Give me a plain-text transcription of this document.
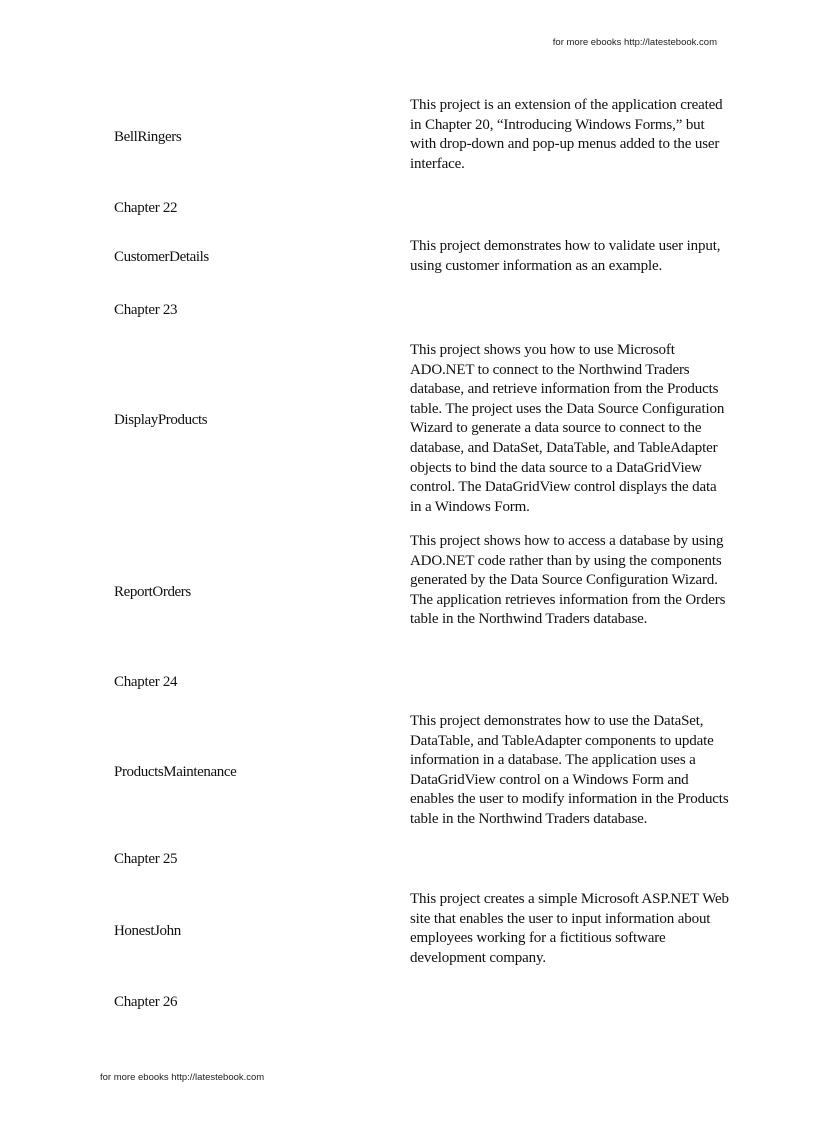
for more ebooks http://latestebook.com
BellRingers
This project is an extension of the application created in Chapter 20, “Introducing Windows Forms,” but with drop-down and pop-up menus added to the user interface.
Chapter 22
CustomerDetails
This project demonstrates how to validate user input, using customer information as an example.
Chapter 23
DisplayProducts
This project shows you how to use Microsoft ADO.NET to connect to the Northwind Traders database, and retrieve information from the Products table. The project uses the Data Source Configuration Wizard to generate a data source to connect to the database, and DataSet, DataTable, and TableAdapter objects to bind the data source to a DataGridView control. The DataGridView control displays the data in a Windows Form.
ReportOrders
This project shows how to access a database by using ADO.NET code rather than by using the components generated by the Data Source Configuration Wizard. The application retrieves information from the Orders table in the Northwind Traders database.
Chapter 24
ProductsMaintenance
This project demonstrates how to use the DataSet, DataTable, and TableAdapter components to update information in a database. The application uses a DataGridView control on a Windows Form and enables the user to modify information in the Products table in the Northwind Traders database.
Chapter 25
HonestJohn
This project creates a simple Microsoft ASP.NET Web site that enables the user to input information about employees working for a fictitious software development company.
Chapter 26
for more ebooks http://latestebook.com
